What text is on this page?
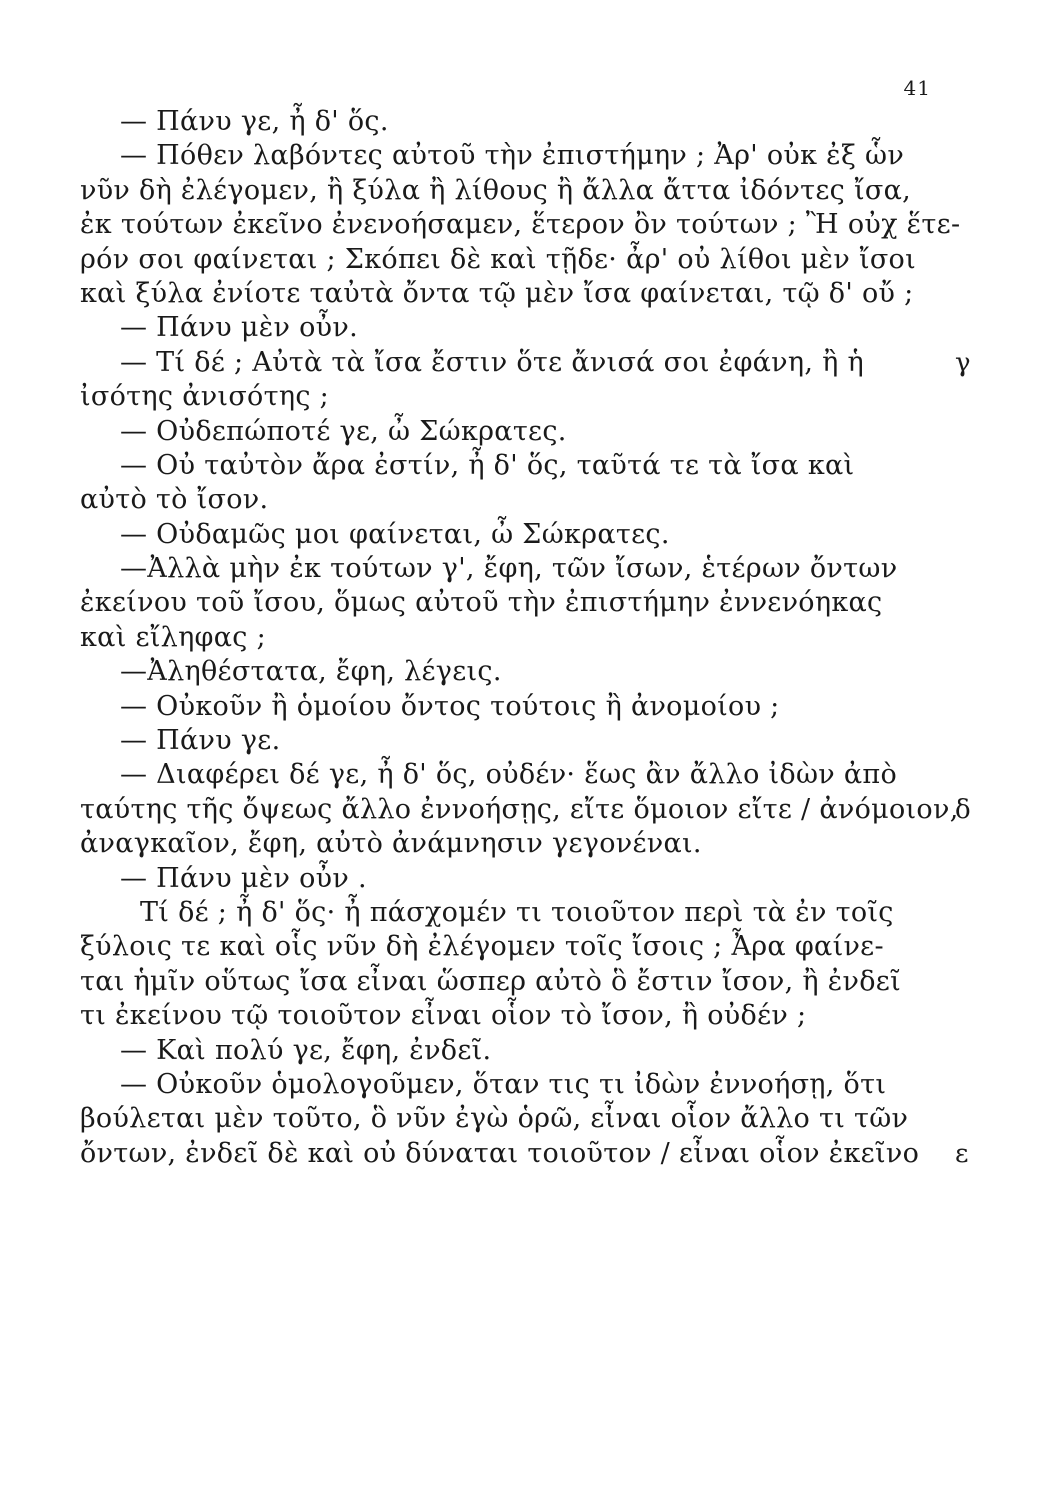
41
— Πάνυ γε, ἦ δ' ὅς.
— Πόθεν λαβόντες αὐτοῦ τὴν ἐπιστήμην ; Ἀρ' οὐκ ἐξ ὧν
νῦν δὴ ἐλέγομεν, ἢ ξύλα ἢ λίθους ἢ ἄλλα ἄττα ἰδόντες ἴσα,
ἐκ τούτων ἐκεῖνο ἐνενοήσαμεν, ἕτερον ὂν τούτων ; Ἢ οὐχ ἕτε-
ρόν σοι φαίνεται ; Σκόπει δὲ καὶ τῇδε· ἆρ' οὐ λίθοι μὲν ἴσοι
καὶ ξύλα ἐνίοτε ταὐτὰ ὄντα τῷ μὲν ἴσα φαίνεται, τῷ δ' οὔ ;
— Πάνυ μὲν οὖν.
— Τί δέ ; Αὐτὰ τὰ ἴσα ἔστιν ὅτε ἄνισά σοι ἐφάνη, ἢ ἡ	γ
ἰσότης ἀνισότης ;
— Οὐδεπώποτέ γε, ὦ Σώκρατες.
— Οὐ ταὐτὸν ἄρα ἐστίν, ἦ δ' ὅς, ταῦτά τε τὰ ἴσα καὶ
αὐτὸ τὸ ἴσον.
— Οὐδαμῶς μοι φαίνεται, ὦ Σώκρατες.
—Ἀλλὰ μὴν ἐκ τούτων γ', ἔφη, τῶν ἴσων, ἑτέρων ὄντων
ἐκείνου τοῦ ἴσου, ὅμως αὐτοῦ τὴν ἐπιστήμην ἐννενόηκας
καὶ εἴληφας ;
—Ἀληθέστατα, ἔφη, λέγεις.
— Οὐκοῦν ἢ ὁμοίου ὄντος τούτοις ἢ ἀνομοίου ;
— Πάνυ γε.
— Διαφέρει δέ γε, ἦ δ' ὅς, οὐδέν· ἕως ἂν ἄλλο ἰδὼν ἀπὸ
ταύτης τῆς ὄψεως ἄλλο ἐννοήσῃς, εἴτε ὅμοιον εἴτε / ἀνόμοιον,
δ
ἀναγκαῖον, ἔφη, αὐτὸ ἀνάμνησιν γεγονέναι.
— Πάνυ μὲν οὖν .
Τί δέ ; ἦ δ' ὅς· ἦ πάσχομέν τι τοιοῦτον περὶ τὰ ἐν τοῖς
ξύλοις τε καὶ οἷς νῦν δὴ ἐλέγομεν τοῖς ἴσοις ; Ἆρα φαίνε-
ται ἡμῖν οὕτως ἴσα εἶναι ὥσπερ αὐτὸ ὃ ἔστιν ἴσον, ἢ ἐνδεῖ
τι ἐκείνου τῷ τοιοῦτον εἶναι οἷον τὸ ἴσον, ἢ οὐδέν ;
— Καὶ πολύ γε, ἔφη, ἐνδεῖ.
— Οὐκοῦν ὁμολογοῦμεν, ὅταν τις τι ἰδὼν ἐννοήσῃ, ὅτι
βούλεται μὲν τοῦτο, ὃ νῦν ἐγὼ ὁρῶ, εἶναι οἷον ἄλλο τι τῶν
ὄντων, ἐνδεῖ δὲ καὶ οὐ δύναται τοιοῦτον / εἶναι οἷον ἐκεῖνο ε
